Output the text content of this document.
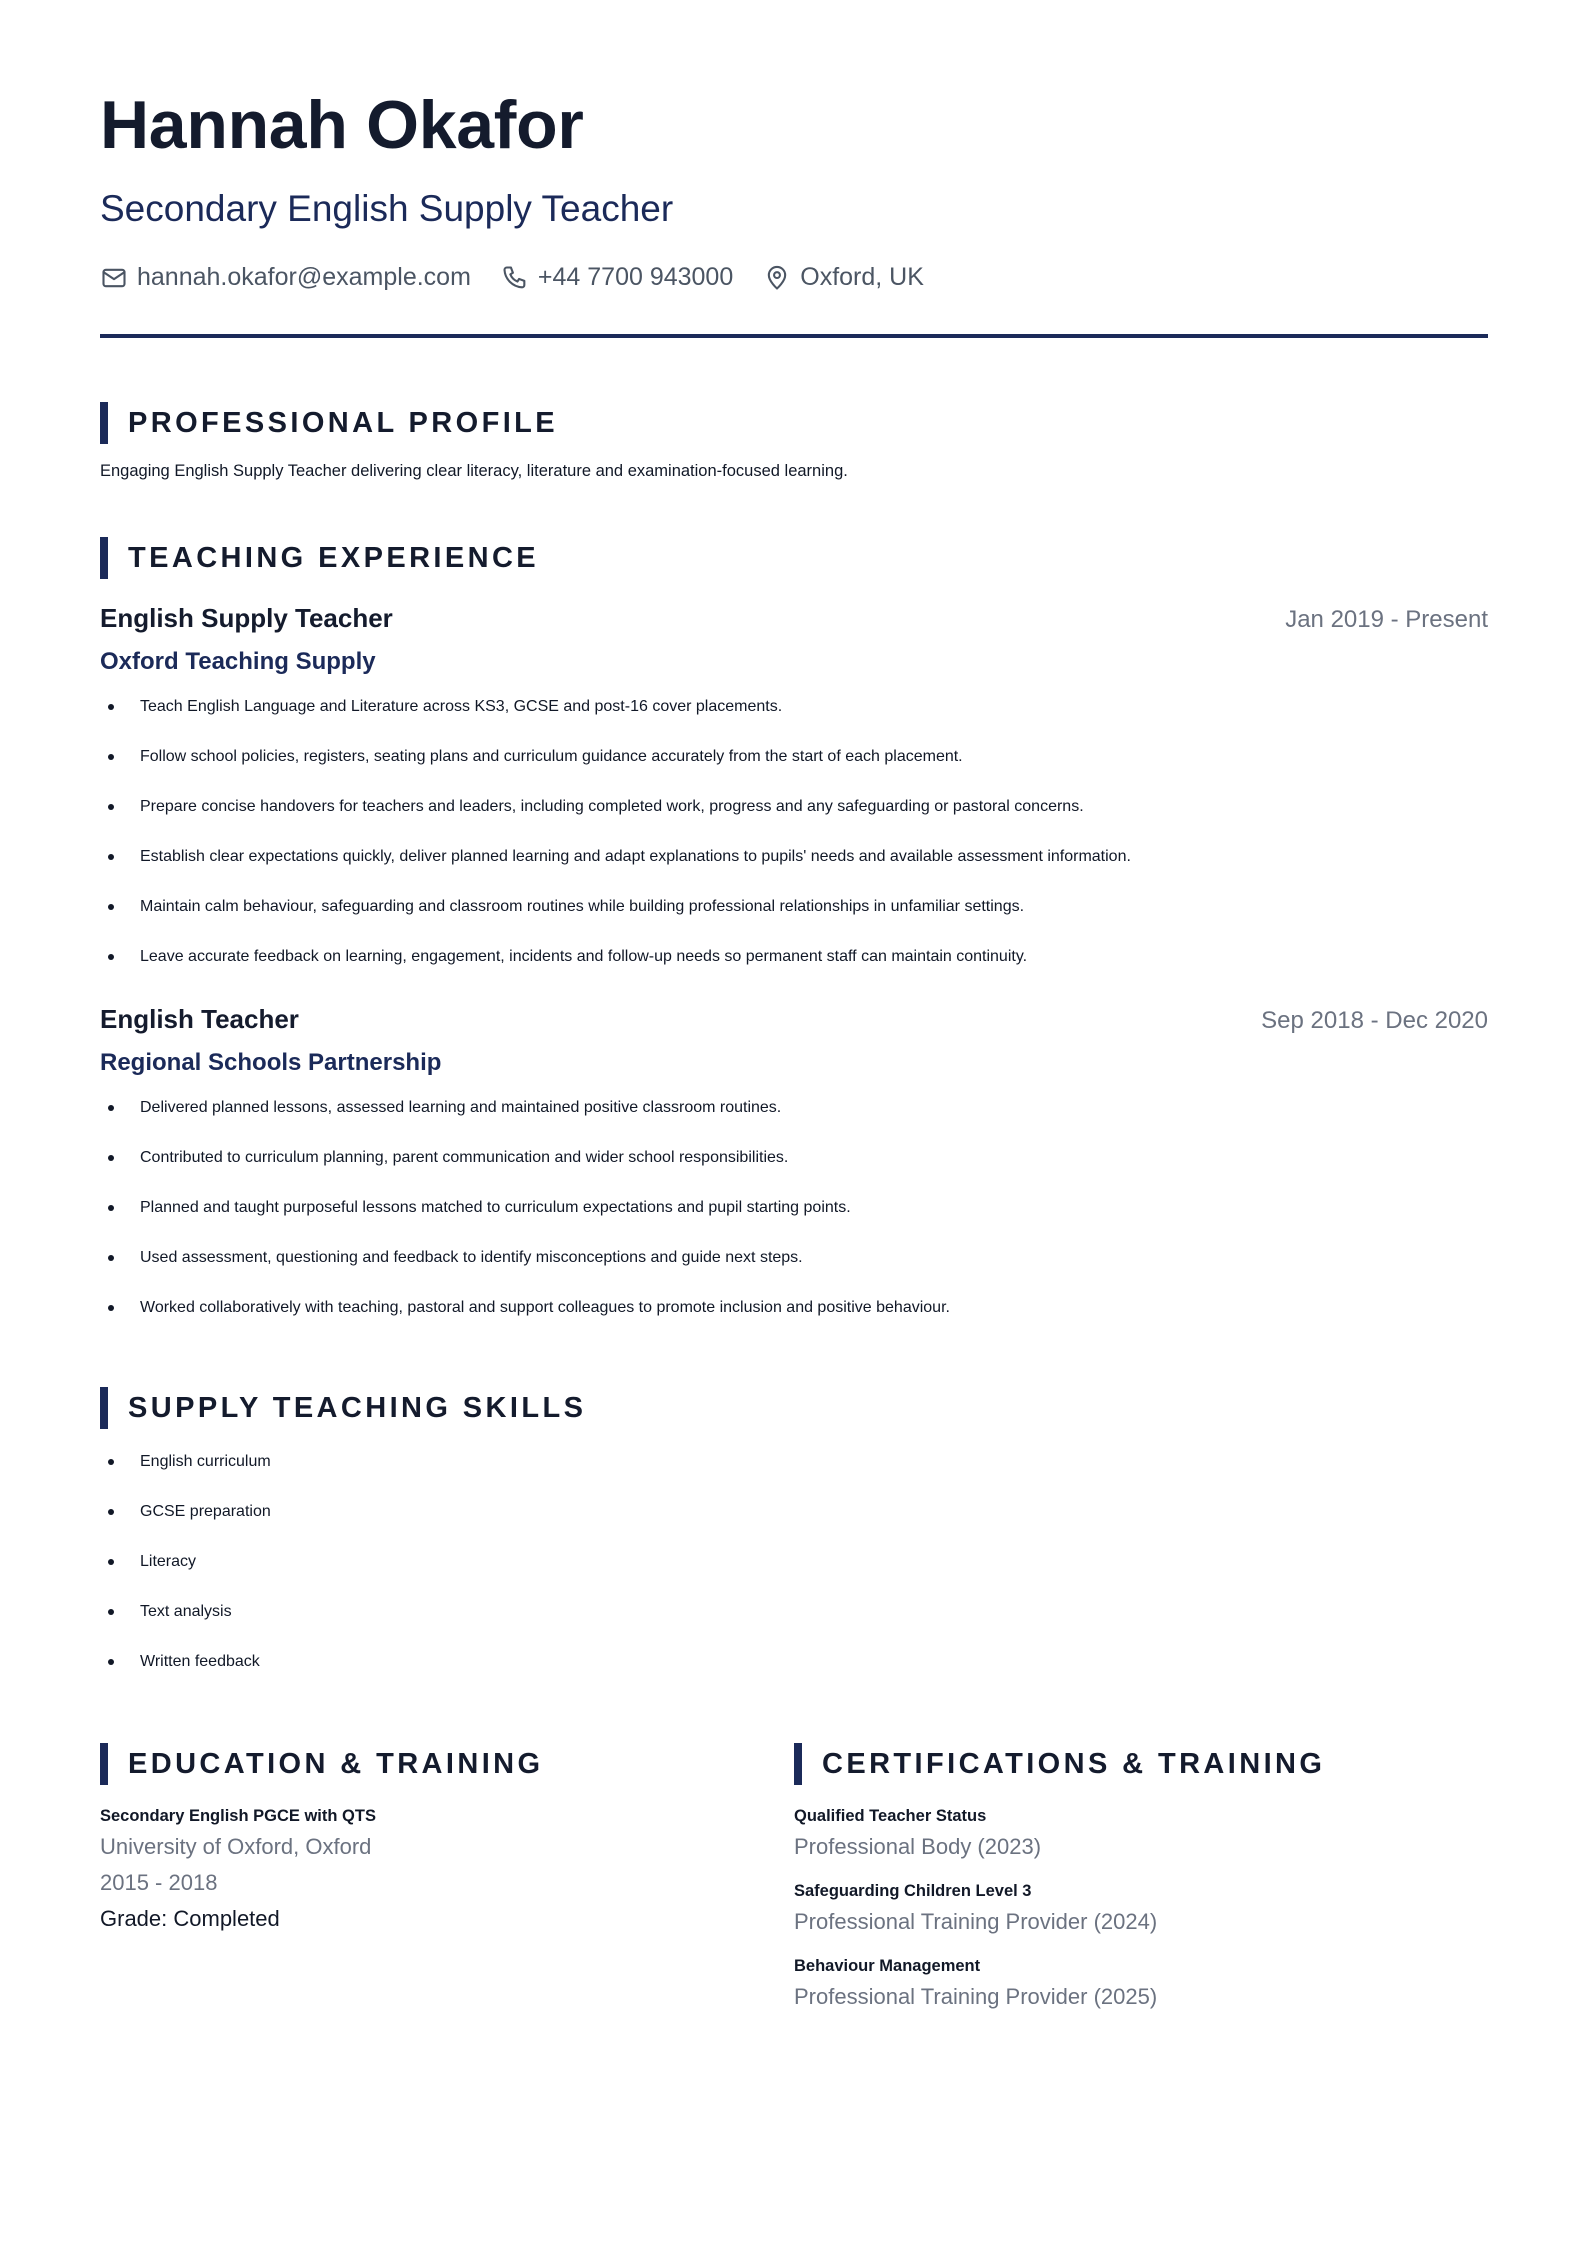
Hannah Okafor
Secondary English Supply Teacher
hannah.okafor@example.com	+44 7700 943000	Oxford, UK
PROFESSIONAL PROFILE
Engaging English Supply Teacher delivering clear literacy, literature and examination-focused learning.
TEACHING EXPERIENCE
English Supply Teacher	Jan 2019 - Present
Oxford Teaching Supply
Teach English Language and Literature across KS3, GCSE and post-16 cover placements.
Follow school policies, registers, seating plans and curriculum guidance accurately from the start of each placement.
Prepare concise handovers for teachers and leaders, including completed work, progress and any safeguarding or pastoral concerns.
Establish clear expectations quickly, deliver planned learning and adapt explanations to pupils' needs and available assessment information.
Maintain calm behaviour, safeguarding and classroom routines while building professional relationships in unfamiliar settings.
Leave accurate feedback on learning, engagement, incidents and follow-up needs so permanent staff can maintain continuity.
English Teacher	Sep 2018 - Dec 2020
Regional Schools Partnership
Delivered planned lessons, assessed learning and maintained positive classroom routines.
Contributed to curriculum planning, parent communication and wider school responsibilities.
Planned and taught purposeful lessons matched to curriculum expectations and pupil starting points.
Used assessment, questioning and feedback to identify misconceptions and guide next steps.
Worked collaboratively with teaching, pastoral and support colleagues to promote inclusion and positive behaviour.
SUPPLY TEACHING SKILLS
English curriculum
GCSE preparation
Literacy
Text analysis
Written feedback
EDUCATION & TRAINING
Secondary English PGCE with QTS
University of Oxford, Oxford
2015 - 2018
Grade: Completed
CERTIFICATIONS & TRAINING
Qualified Teacher Status
Professional Body (2023)
Safeguarding Children Level 3
Professional Training Provider (2024)
Behaviour Management
Professional Training Provider (2025)
